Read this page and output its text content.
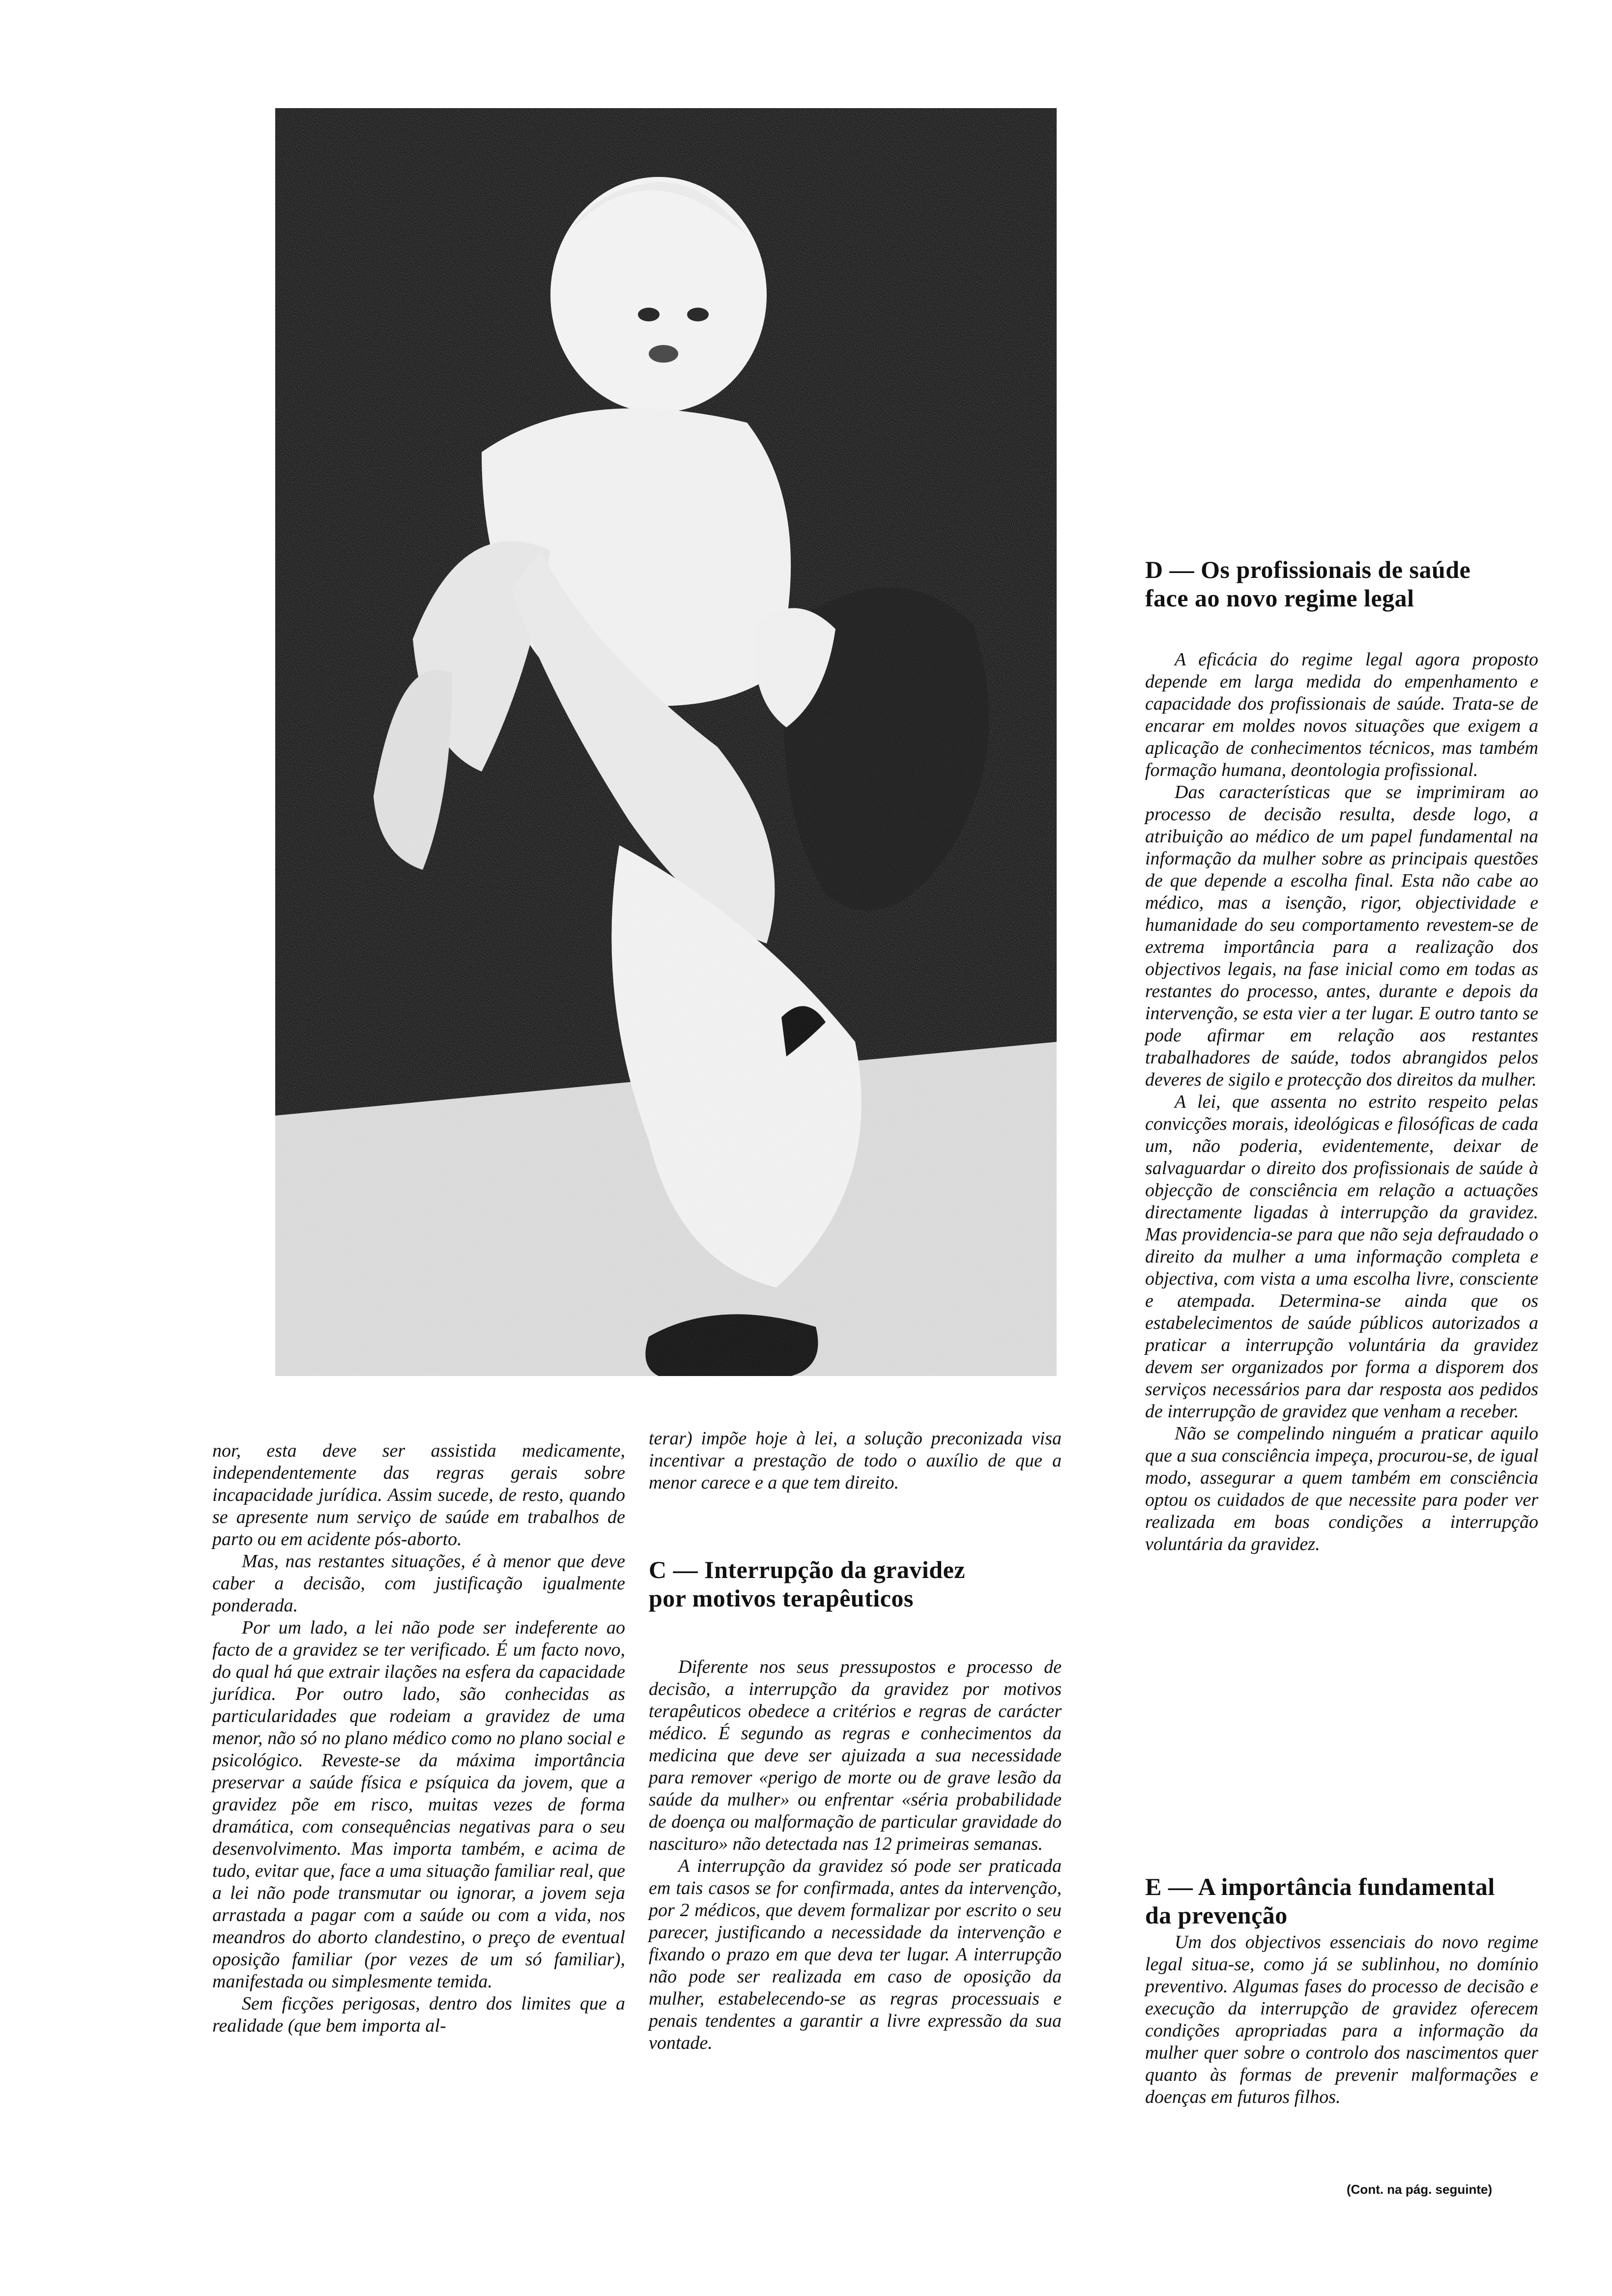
nor, esta deve ser assistida medicamente, independentemente das regras gerais sobre incapacidade jurídica. Assim sucede, de resto, quando se apresente num serviço de saúde em trabalhos de parto ou em acidente pós-aborto.

Mas, nas restantes situações, é à menor que deve caber a decisão, com justificação igualmente ponderada.

Por um lado, a lei não pode ser indeferente ao facto de a gravidez se ter verificado. É um facto novo, do qual há que extrair ilações na esfera da capacidade jurídica. Por outro lado, são conhecidas as particularidades que rodeiam a gravidez de uma menor, não só no plano médico como no plano social e psicológico. Reveste-se da máxima importância preservar a saúde física e psíquica da jovem, que a gravidez põe em risco, muitas vezes de forma dramática, com consequências negativas para o seu desenvolvimento. Mas importa também, e acima de tudo, evitar que, face a uma situação familiar real, que a lei não pode transmutar ou ignorar, a jovem seja arrastada a pagar com a saúde ou com a vida, nos meandros do aborto clandestino, o preço de eventual oposição familiar (por vezes de um só familiar), manifestada ou simplesmente temida.

Sem ficções perigosas, dentro dos limites que a realidade (que bem importa al-

terar) impõe hoje à lei, a solução preconizada visa incentivar a prestação de todo o auxílio de que a menor carece e a que tem direito.

C — Interrupção da gravidez
por motivos terapêuticos

Diferente nos seus pressupostos e processo de decisão, a interrupção da gravidez por motivos terapêuticos obedece a critérios e regras de carácter médico. É segundo as regras e conhecimentos da medicina que deve ser ajuizada a sua necessidade para remover «perigo de morte ou de grave lesão da saúde da mulher» ou enfrentar «séria probabilidade de doença ou malformação de particular gravidade do nascituro» não detectada nas 12 primeiras semanas.

A interrupção da gravidez só pode ser praticada em tais casos se for confirmada, antes da intervenção, por 2 médicos, que devem formalizar por escrito o seu parecer, justificando a necessidade da intervenção e fixando o prazo em que deva ter lugar. A interrupção não pode ser realizada em caso de oposição da mulher, estabelecendo-se as regras processuais e penais tendentes a garantir a livre expressão da sua vontade.

D — Os profissionais de saúde
face ao novo regime legal

A eficácia do regime legal agora proposto depende em larga medida do empenhamento e capacidade dos profissionais de saúde. Trata-se de encarar em moldes novos situações que exigem a aplicação de conhecimentos técnicos, mas também formação humana, deontologia profissional.

Das características que se imprimiram ao processo de decisão resulta, desde logo, a atribuição ao médico de um papel fundamental na informação da mulher sobre as principais questões de que depende a escolha final. Esta não cabe ao médico, mas a isenção, rigor, objectividade e humanidade do seu comportamento revestem-se de extrema importância para a realização dos objectivos legais, na fase inicial como em todas as restantes do processo, antes, durante e depois da intervenção, se esta vier a ter lugar. E outro tanto se pode afirmar em relação aos restantes trabalhadores de saúde, todos abrangidos pelos deveres de sigilo e protecção dos direitos da mulher.

A lei, que assenta no estrito respeito pelas convicções morais, ideológicas e filosóficas de cada um, não poderia, evidentemente, deixar de salvaguardar o direito dos profissionais de saúde à objecção de consciência em relação a actuações directamente ligadas à interrupção da gravidez. Mas providencia-se para que não seja defraudado o direito da mulher a uma informação completa e objectiva, com vista a uma escolha livre, consciente e atempada. Determina-se ainda que os estabelecimentos de saúde públicos autorizados a praticar a interrupção voluntária da gravidez devem ser organizados por forma a disporem dos serviços necessários para dar resposta aos pedidos de interrupção de gravidez que venham a receber.

Não se compelindo ninguém a praticar aquilo que a sua consciência impeça, procurou-se, de igual modo, assegurar a quem também em consciência optou os cuidados de que necessite para poder ver realizada em boas condições a interrupção voluntária da gravidez.

E — A importância fundamental
da prevenção

Um dos objectivos essenciais do novo regime legal situa-se, como já se sublinhou, no domínio preventivo. Algumas fases do processo de decisão e execução da interrupção de gravidez oferecem condições apropriadas para a informação da mulher quer sobre o controlo dos nascimentos quer quanto às formas de prevenir malformações e doenças em futuros filhos.

(Cont. na pág. seguinte)
